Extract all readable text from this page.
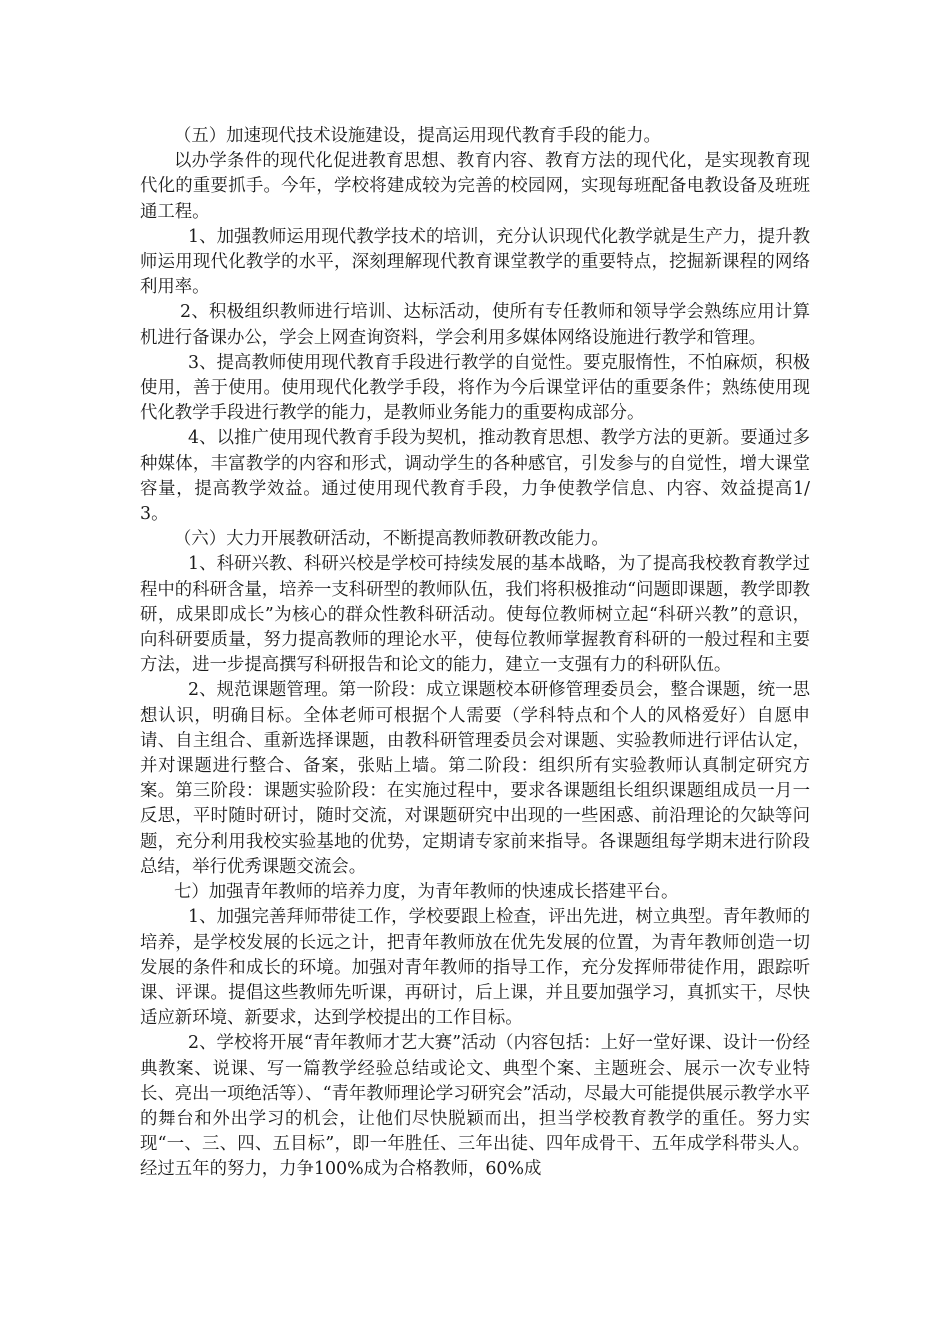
（五）加速现代技术设施建设，提高运用现代教育手段的能力。

以办学条件的现代化促进教育思想、教育内容、教育方法的现代化，是实现教育现代化的重要抓手。今年，学校将建成较为完善的校园网，实现每班配备电教设备及班班通工程。

1、加强教师运用现代教学技术的培训，充分认识现代化教学就是生产力，提升教师运用现代化教学的水平，深刻理解现代教育课堂教学的重要特点，挖掘新课程的网络利用率。

2、积极组织教师进行培训、达标活动，使所有专任教师和领导学会熟练应用计算机进行备课办公，学会上网查询资料，学会利用多媒体网络设施进行教学和管理。

3、提高教师使用现代教育手段进行教学的自觉性。要克服惰性，不怕麻烦，积极使用，善于使用。使用现代化教学手段，将作为今后课堂评估的重要条件；熟练使用现代化教学手段进行教学的能力，是教师业务能力的重要构成部分。

4、以推广使用现代教育手段为契机，推动教育思想、教学方法的更新。要通过多种媒体，丰富教学的内容和形式，调动学生的各种感官，引发参与的自觉性，增大课堂容量，提高教学效益。通过使用现代教育手段，力争使教学信息、内容、效益提高1/3。

（六）大力开展教研活动，不断提高教师教研教改能力。

1、科研兴教、科研兴校是学校可持续发展的基本战略，为了提高我校教育教学过程中的科研含量，培养一支科研型的教师队伍，我们将积极推动“问题即课题，教学即教研，成果即成长”为核心的群众性教科研活动。使每位教师树立起“科研兴教”的意识，向科研要质量，努力提高教师的理论水平，使每位教师掌握教育科研的一般过程和主要方法，进一步提高撰写科研报告和论文的能力，建立一支强有力的科研队伍。

2、规范课题管理。第一阶段：成立课题校本研修管理委员会，整合课题，统一思想认识，明确目标。全体老师可根据个人需要（学科特点和个人的风格爱好）自愿申请、自主组合、重新选择课题，由教科研管理委员会对课题、实验教师进行评估认定，并对课题进行整合、备案，张贴上墙。第二阶段：组织所有实验教师认真制定研究方案。第三阶段：课题实验阶段：在实施过程中，要求各课题组长组织课题组成员一月一反思，平时随时研讨，随时交流，对课题研究中出现的一些困惑、前沿理论的欠缺等问题，充分利用我校实验基地的优势，定期请专家前来指导。各课题组每学期末进行阶段总结，举行优秀课题交流会。

七）加强青年教师的培养力度，为青年教师的快速成长搭建平台。

1、加强完善拜师带徒工作，学校要跟上检查，评出先进，树立典型。青年教师的培养，是学校发展的长远之计，把青年教师放在优先发展的位置，为青年教师创造一切发展的条件和成长的环境。加强对青年教师的指导工作，充分发挥师带徒作用，跟踪听课、评课。提倡这些教师先听课，再研讨，后上课，并且要加强学习，真抓实干，尽快适应新环境、新要求，达到学校提出的工作目标。

2、学校将开展“青年教师才艺大赛”活动（内容包括：上好一堂好课、设计一份经典教案、说课、写一篇教学经验总结或论文、典型个案、主题班会、展示一次专业特长、亮出一项绝活等）、“青年教师理论学习研究会”活动，尽最大可能提供展示教学水平的舞台和外出学习的机会，让他们尽快脱颖而出，担当学校教育教学的重任。努力实现“一、三、四、五目标”，即一年胜任、三年出徒、四年成骨干、五年成学科带头人。经过五年的努力，力争100%成为合格教师，60%成
